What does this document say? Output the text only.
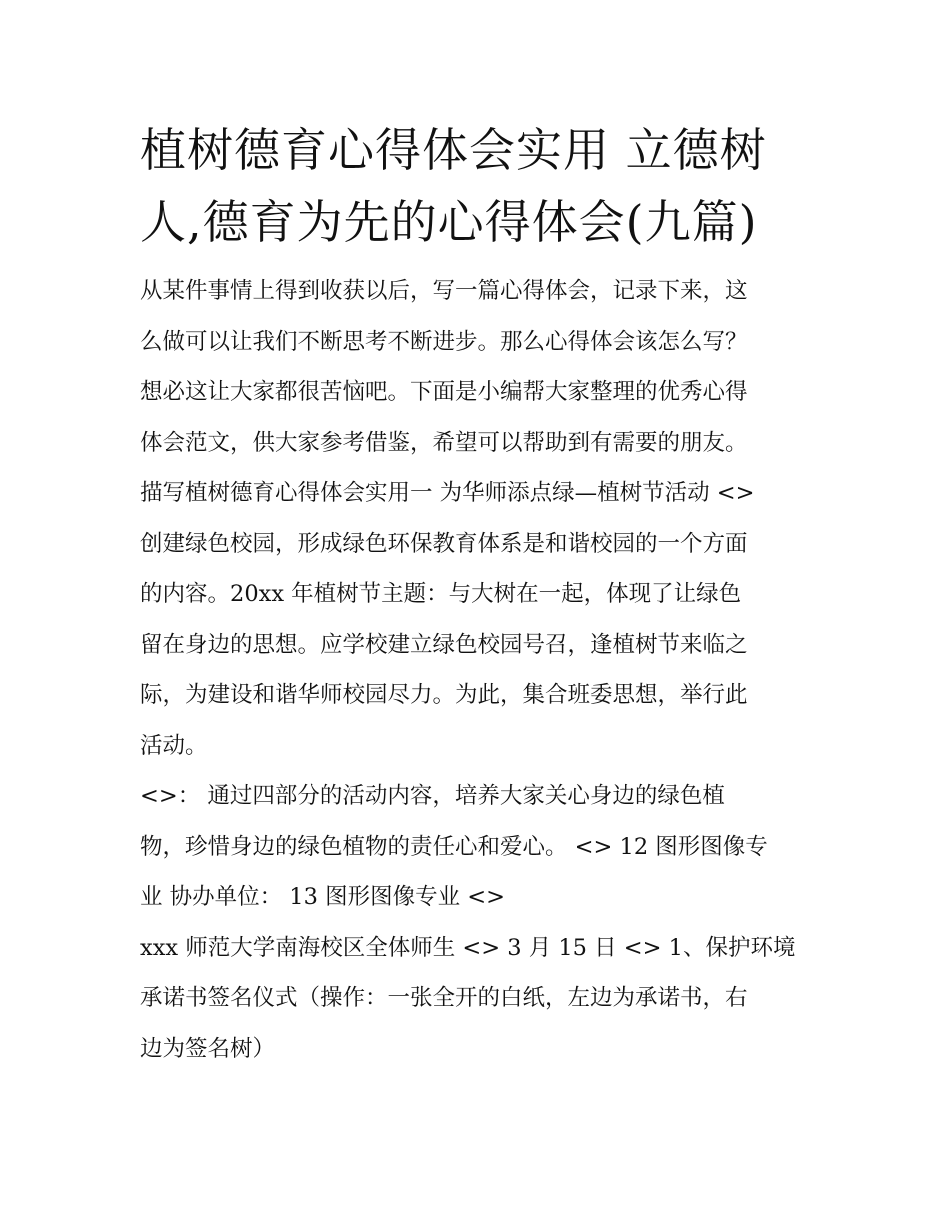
植树德育心得体会实用 立德树
人,德育为先的心得体会(九篇)
从某件事情上得到收获以后，写一篇心得体会，记录下来，这
么做可以让我们不断思考不断进步。那么心得体会该怎么写？
想必这让大家都很苦恼吧。下面是小编帮大家整理的优秀心得
体会范文，供大家参考借鉴，希望可以帮助到有需要的朋友。
描写植树德育心得体会实用一 为华师添点绿—植树节活动 <>
创建绿色校园，形成绿色环保教育体系是和谐校园的一个方面
的内容。20xx 年植树节主题：与大树在一起，体现了让绿色
留在身边的思想。应学校建立绿色校园号召，逢植树节来临之
际，为建设和谐华师校园尽力。为此，集合班委思想，举行此
活动。
<>： 通过四部分的活动内容，培养大家关心身边的绿色植
物，珍惜身边的绿色植物的责任心和爱心。 <> 12 图形图像专
业 协办单位： 13 图形图像专业 <>
xxx 师范大学南海校区全体师生 <> 3 月 15 日 <> 1、保护环境
承诺书签名仪式（操作：一张全开的白纸，左边为承诺书，右
边为签名树）
